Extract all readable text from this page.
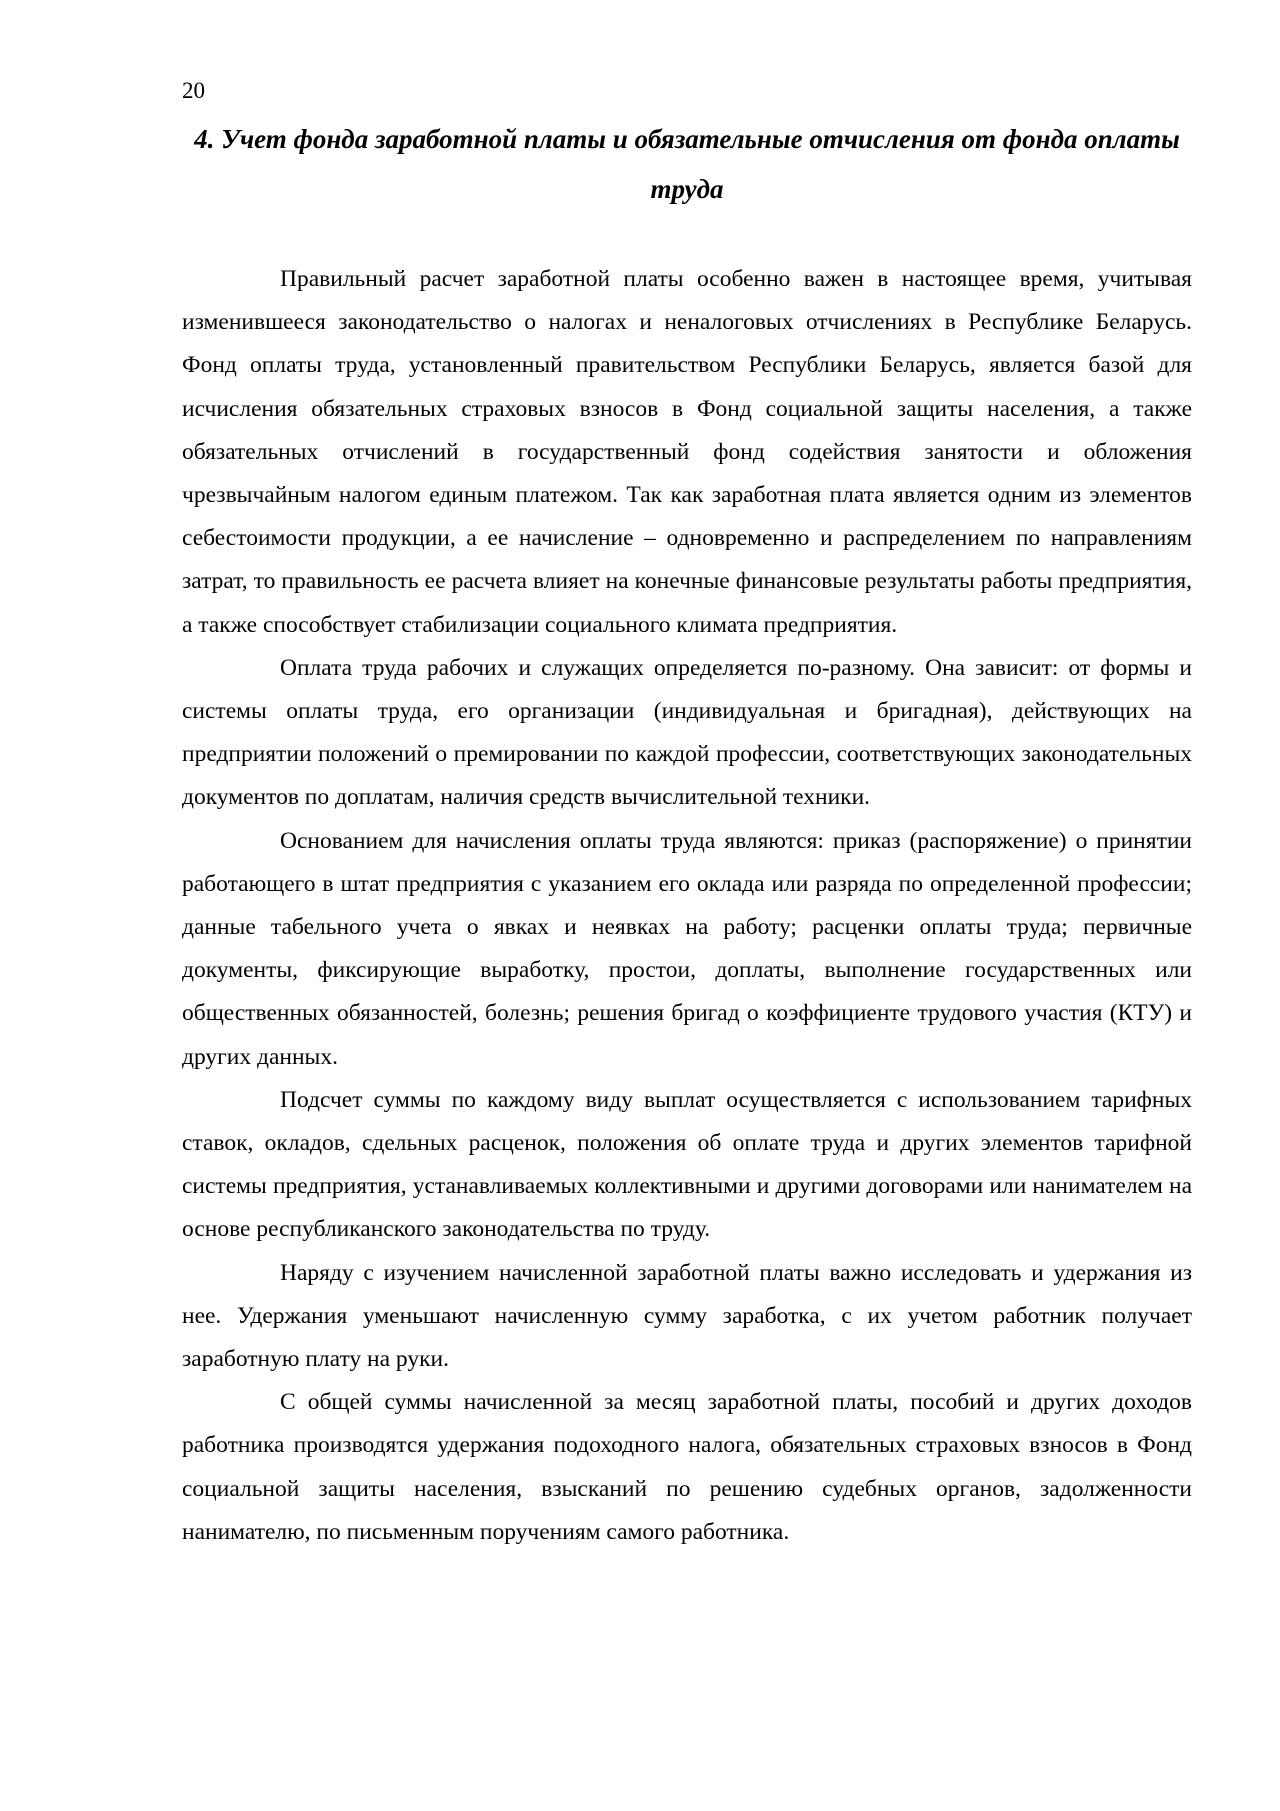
20
4. Учет фонда заработной платы и обязательные отчисления от фонда оплаты труда

Правильный расчет заработной платы особенно важен в настоящее время, учитывая изменившееся законодательство о налогах и неналоговых отчислениях в Республике Беларусь. Фонд оплаты труда, установленный правительством Республики Беларусь, является базой для исчисления обязательных страховых взносов в Фонд социальной защиты населения, а также обязательных отчислений в государственный фонд содействия занятости и обложения чрезвычайным налогом единым платежом. Так как заработная плата является одним из элементов себестоимости продукции, а ее начисление – одновременно и распределением по направлениям затрат, то правильность ее расчета влияет на конечные финансовые результаты работы предприятия, а также способствует стабилизации социального климата предприятия.

Оплата труда рабочих и служащих определяется по-разному. Она зависит: от формы и системы оплаты труда, его организации (индивидуальная и бригадная), действующих на предприятии положений о премировании по каждой профессии, соответствующих законодательных документов по доплатам, наличия средств вычислительной техники.

Основанием для начисления оплаты труда являются: приказ (распоряжение) о принятии работающего в штат предприятия с указанием его оклада или разряда по определенной профессии; данные табельного учета о явках и неявках на работу; расценки оплаты труда; первичные документы, фиксирующие выработку, простои, доплаты, выполнение государственных или общественных обязанностей, болезнь; решения бригад о коэффициенте трудового участия (КТУ) и других данных.

Подсчет суммы по каждому виду выплат осуществляется с использованием тарифных ставок, окладов, сдельных расценок, положения об оплате труда и других элементов тарифной системы предприятия, устанавливаемых коллективными и другими договорами или нанимателем на основе республиканского законодательства по труду.

Наряду с изучением начисленной заработной платы важно исследовать и удержания из нее. Удержания уменьшают начисленную сумму заработка, с их учетом работник получает заработную плату на руки.

С общей суммы начисленной за месяц заработной платы, пособий и других доходов работника производятся удержания подоходного налога, обязательных страховых взносов в Фонд социальной защиты населения, взысканий по решению судебных органов, задолженности нанимателю, по письменным поручениям самого работника.
